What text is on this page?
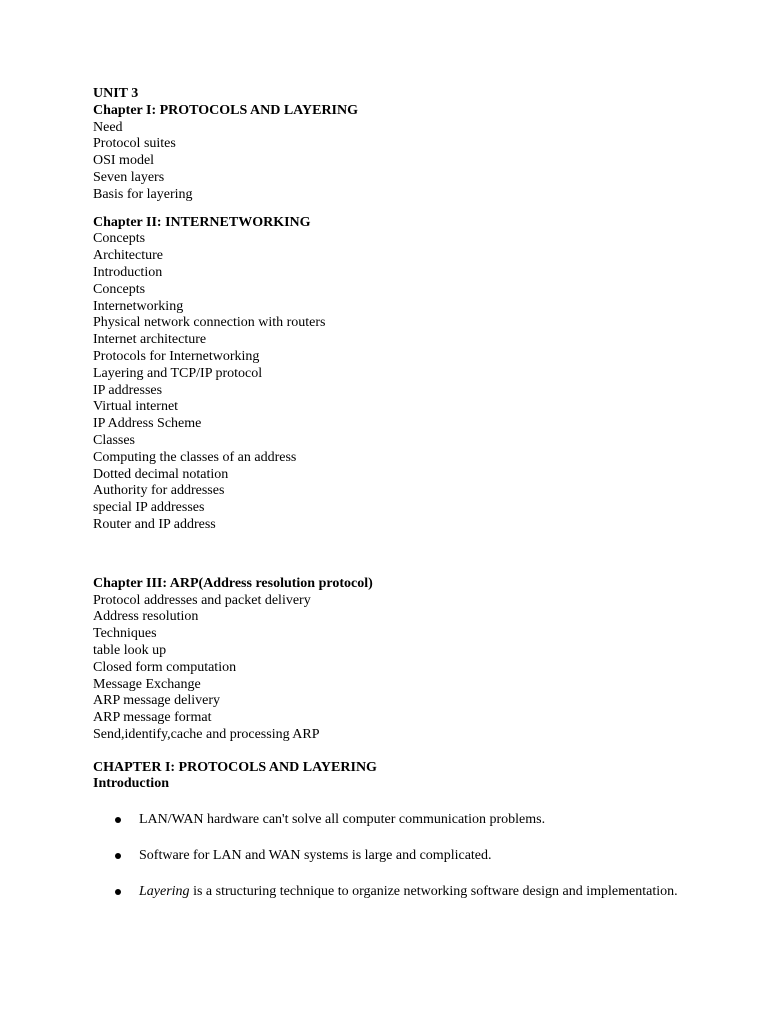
UNIT 3
Chapter I: PROTOCOLS AND LAYERING
Need
Protocol suites
OSI model
Seven layers
Basis for layering
Chapter II: INTERNETWORKING
Concepts
Architecture
Introduction
Concepts
Internetworking
Physical network connection with routers
Internet architecture
Protocols for Internetworking
Layering and TCP/IP protocol
IP addresses
Virtual internet
IP Address Scheme
Classes
Computing the classes of an address
Dotted decimal notation
Authority for addresses
special IP addresses
Router and IP address
Chapter III: ARP(Address resolution protocol)
Protocol addresses and packet delivery
Address resolution
Techniques
table look up
Closed form computation
Message Exchange
ARP message delivery
ARP message format
Send,identify,cache and processing ARP
CHAPTER I: PROTOCOLS AND LAYERING
Introduction
LAN/WAN hardware can't solve all computer communication problems.
Software for LAN and WAN systems is large and complicated.
Layering is a structuring technique to organize networking software design and implementation.
